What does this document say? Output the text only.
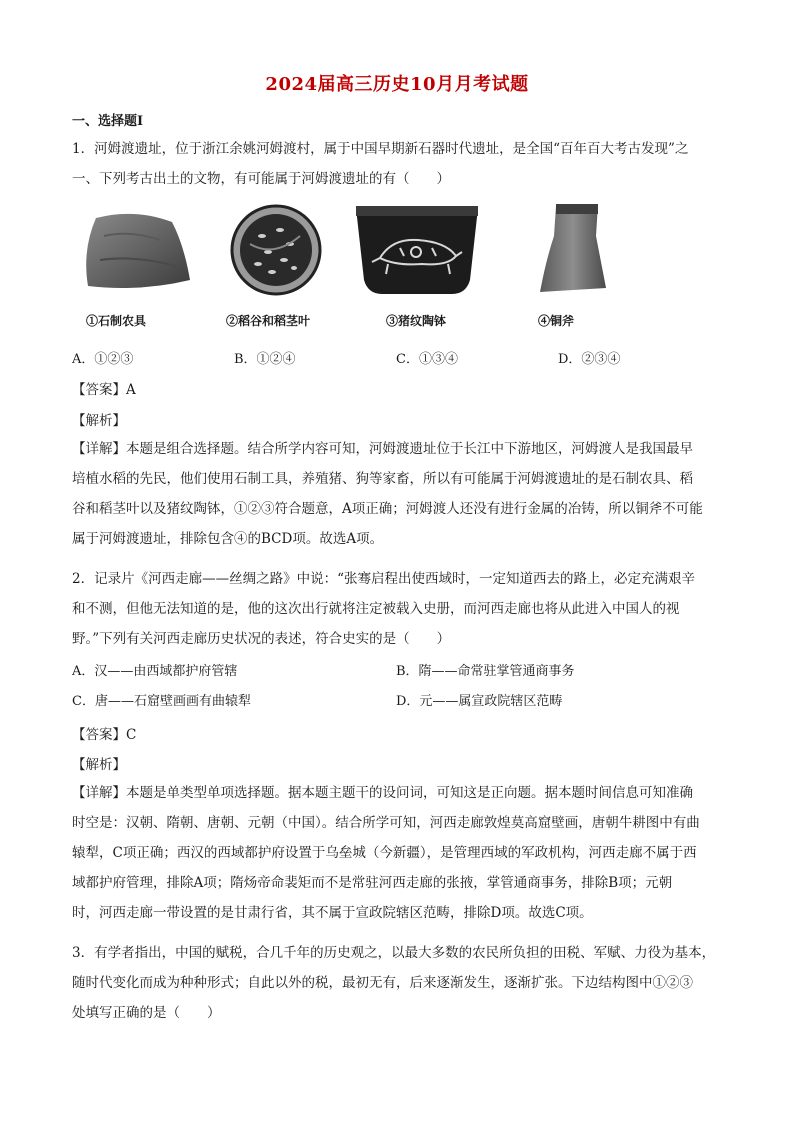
2024届高三历史10月月考试题
一、选择题Ⅰ
1．河姆渡遗址，位于浙江余姚河姆渡村，属于中国早期新石器时代遗址，是全国“百年百大考古发现”之
一、下列考古出土的文物，有可能属于河姆渡遗址的有（　　）
①石制农具	②稻谷和稻茎叶	③猪纹陶钵	④铜斧
A．①②③	B．①②④	C．①③④	D．②③④
【答案】A
【解析】
【详解】本题是组合选择题。结合所学内容可知，河姆渡遗址位于长江中下游地区，河姆渡人是我国最早
培植水稻的先民，他们使用石制工具，养殖猪、狗等家畜，所以有可能属于河姆渡遗址的是石制农具、稻
谷和稻茎叶以及猪纹陶钵，①②③符合题意，A项正确；河姆渡人还没有进行金属的冶铸，所以铜斧不可能
属于河姆渡遗址，排除包含④的BCD项。故选A项。
2．记录片《河西走廊——丝绸之路》中说：“张骞启程出使西域时，一定知道西去的路上，必定充满艰辛
和不测，但他无法知道的是，他的这次出行就将注定被载入史册，而河西走廊也将从此进入中国人的视
野。”下列有关河西走廊历史状况的表述，符合史实的是（　　）
A．汉——由西域都护府管辖	B．隋——命常驻掌管通商事务
C．唐——石窟壁画画有曲辕犁	D．元——属宣政院辖区范畴
【答案】C
【解析】
【详解】本题是单类型单项选择题。据本题主题干的设问词，可知这是正向题。据本题时间信息可知准确
时空是：汉朝、隋朝、唐朝、元朝（中国）。结合所学可知，河西走廊敦煌莫高窟壁画，唐朝牛耕图中有曲
辕犁，C项正确；西汉的西域都护府设置于乌垒城（今新疆），是管理西域的军政机构，河西走廊不属于西
域都护府管理，排除A项；隋炀帝命裴矩而不是常驻河西走廊的张掖，掌管通商事务，排除B项；元朝
时，河西走廊一带设置的是甘肃行省，其不属于宣政院辖区范畴，排除D项。故选C项。
3．有学者指出，中国的赋税，合几千年的历史观之，以最大多数的农民所负担的田税、军赋、力役为基本，
随时代变化而成为种种形式；自此以外的税，最初无有，后来逐渐发生，逐渐扩张。下边结构图中①②③
处填写正确的是（　　）
